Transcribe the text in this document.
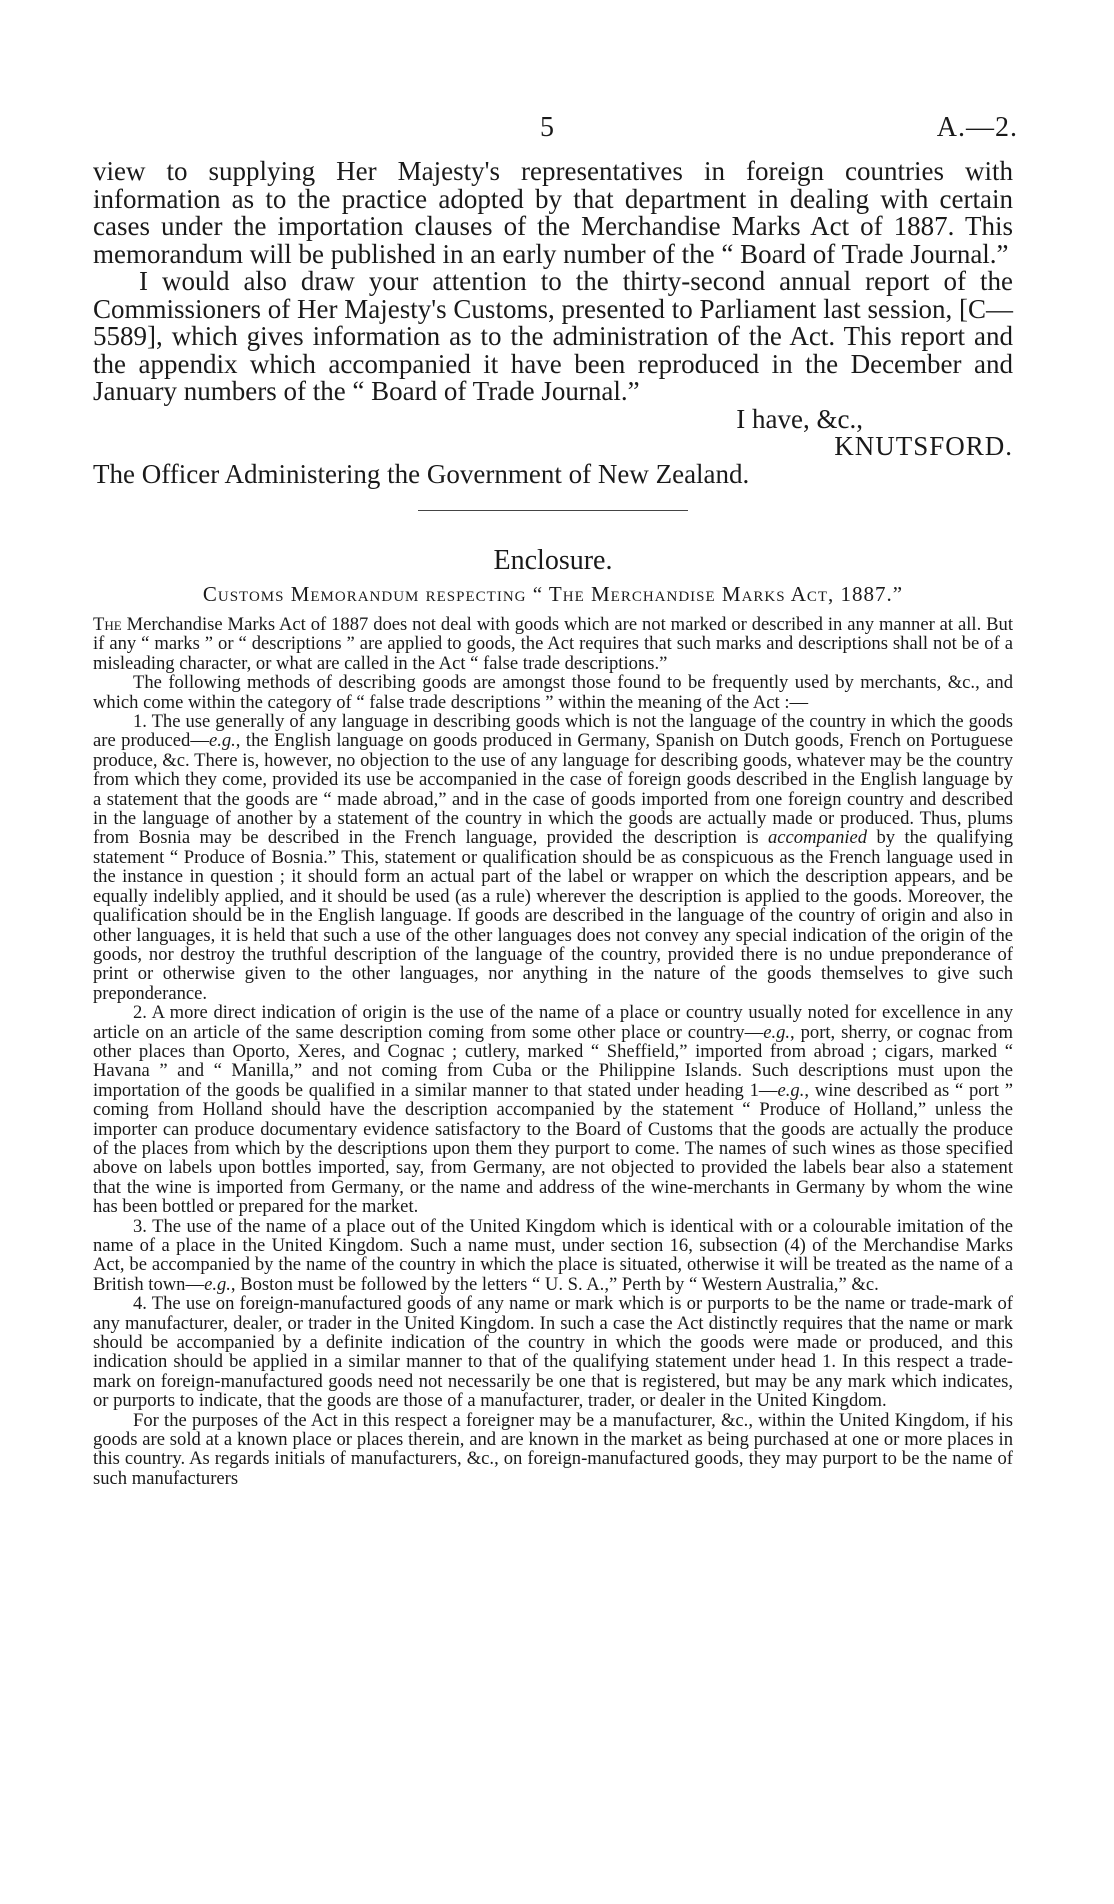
5	A.—2.

view to supplying Her Majesty's representatives in foreign countries with information as to the practice adopted by that department in dealing with certain cases under the importation clauses of the Merchandise Marks Act of 1887. This memorandum will be published in an early number of the “ Board of Trade Journal.”

I would also draw your attention to the thirty-second annual report of the Commissioners of Her Majesty's Customs, presented to Parliament last session, [C—5589], which gives information as to the administration of the Act. This report and the appendix which accompanied it have been reproduced in the December and January numbers of the “ Board of Trade Journal.”

I have, &c.,
KNUTSFORD.

The Officer Administering the Government of New Zealand.

Enclosure.
Customs Memorandum respecting “ The Merchandise Marks Act, 1887.”

The Merchandise Marks Act of 1887 does not deal with goods which are not marked or described in any manner at all. But if any “ marks ” or “ descriptions ” are applied to goods, the Act requires that such marks and descriptions shall not be of a misleading character, or what are called in the Act “ false trade descriptions.”

The following methods of describing goods are amongst those found to be frequently used by merchants, &c., and which come within the category of “ false trade descriptions ” within the meaning of the Act :—

1. The use generally of any language in describing goods which is not the language of the country in which the goods are produced—e.g., the English language on goods produced in Germany, Spanish on Dutch goods, French on Portuguese produce, &c. There is, however, no objection to the use of any language for describing goods, whatever may be the country from which they come, provided its use be accompanied in the case of foreign goods described in the English language by a statement that the goods are “ made abroad,” and in the case of goods imported from one foreign country and described in the language of another by a statement of the country in which the goods are actually made or produced. Thus, plums from Bosnia may be described in the French language, provided the description is accompanied by the qualifying statement “ Produce of Bosnia.” This, statement or qualification should be as conspicuous as the French language used in the instance in question ; it should form an actual part of the label or wrapper on which the description appears, and be equally indelibly applied, and it should be used (as a rule) wherever the description is applied to the goods. Moreover, the qualification should be in the English language. If goods are described in the language of the country of origin and also in other languages, it is held that such a use of the other languages does not convey any special indication of the origin of the goods, nor destroy the truthful description of the language of the country, provided there is no undue preponderance of print or otherwise given to the other languages, nor anything in the nature of the goods themselves to give such preponderance.

2. A more direct indication of origin is the use of the name of a place or country usually noted for excellence in any article on an article of the same description coming from some other place or country—e.g., port, sherry, or cognac from other places than Oporto, Xeres, and Cognac ; cutlery, marked “ Sheffield,” imported from abroad ; cigars, marked “ Havana ” and “ Manilla,” and not coming from Cuba or the Philippine Islands. Such descriptions must upon the importation of the goods be qualified in a similar manner to that stated under heading 1—e.g., wine described as “ port ” coming from Holland should have the description accompanied by the statement “ Produce of Holland,” unless the importer can produce documentary evidence satisfactory to the Board of Customs that the goods are actually the produce of the places from which by the descriptions upon them they purport to come. The names of such wines as those specified above on labels upon bottles imported, say, from Germany, are not objected to provided the labels bear also a statement that the wine is imported from Germany, or the name and address of the wine-merchants in Germany by whom the wine has been bottled or prepared for the market.

3. The use of the name of a place out of the United Kingdom which is identical with or a colourable imitation of the name of a place in the United Kingdom. Such a name must, under section 16, subsection (4) of the Merchandise Marks Act, be accompanied by the name of the country in which the place is situated, otherwise it will be treated as the name of a British town—e.g., Boston must be followed by the letters “ U. S. A.,” Perth by “ Western Australia,” &c.

4. The use on foreign-manufactured goods of any name or mark which is or purports to be the name or trade-mark of any manufacturer, dealer, or trader in the United Kingdom. In such a case the Act distinctly requires that the name or mark should be accompanied by a definite indication of the country in which the goods were made or produced, and this indication should be applied in a similar manner to that of the qualifying statement under head 1. In this respect a trade-mark on foreign-manufactured goods need not necessarily be one that is registered, but may be any mark which indicates, or purports to indicate, that the goods are those of a manufacturer, trader, or dealer in the United Kingdom.

For the purposes of the Act in this respect a foreigner may be a manufacturer, &c., within the United Kingdom, if his goods are sold at a known place or places therein, and are known in the market as being purchased at one or more places in this country. As regards initials of manufacturers, &c., on foreign-manufactured goods, they may purport to be the name of such manufacturers
